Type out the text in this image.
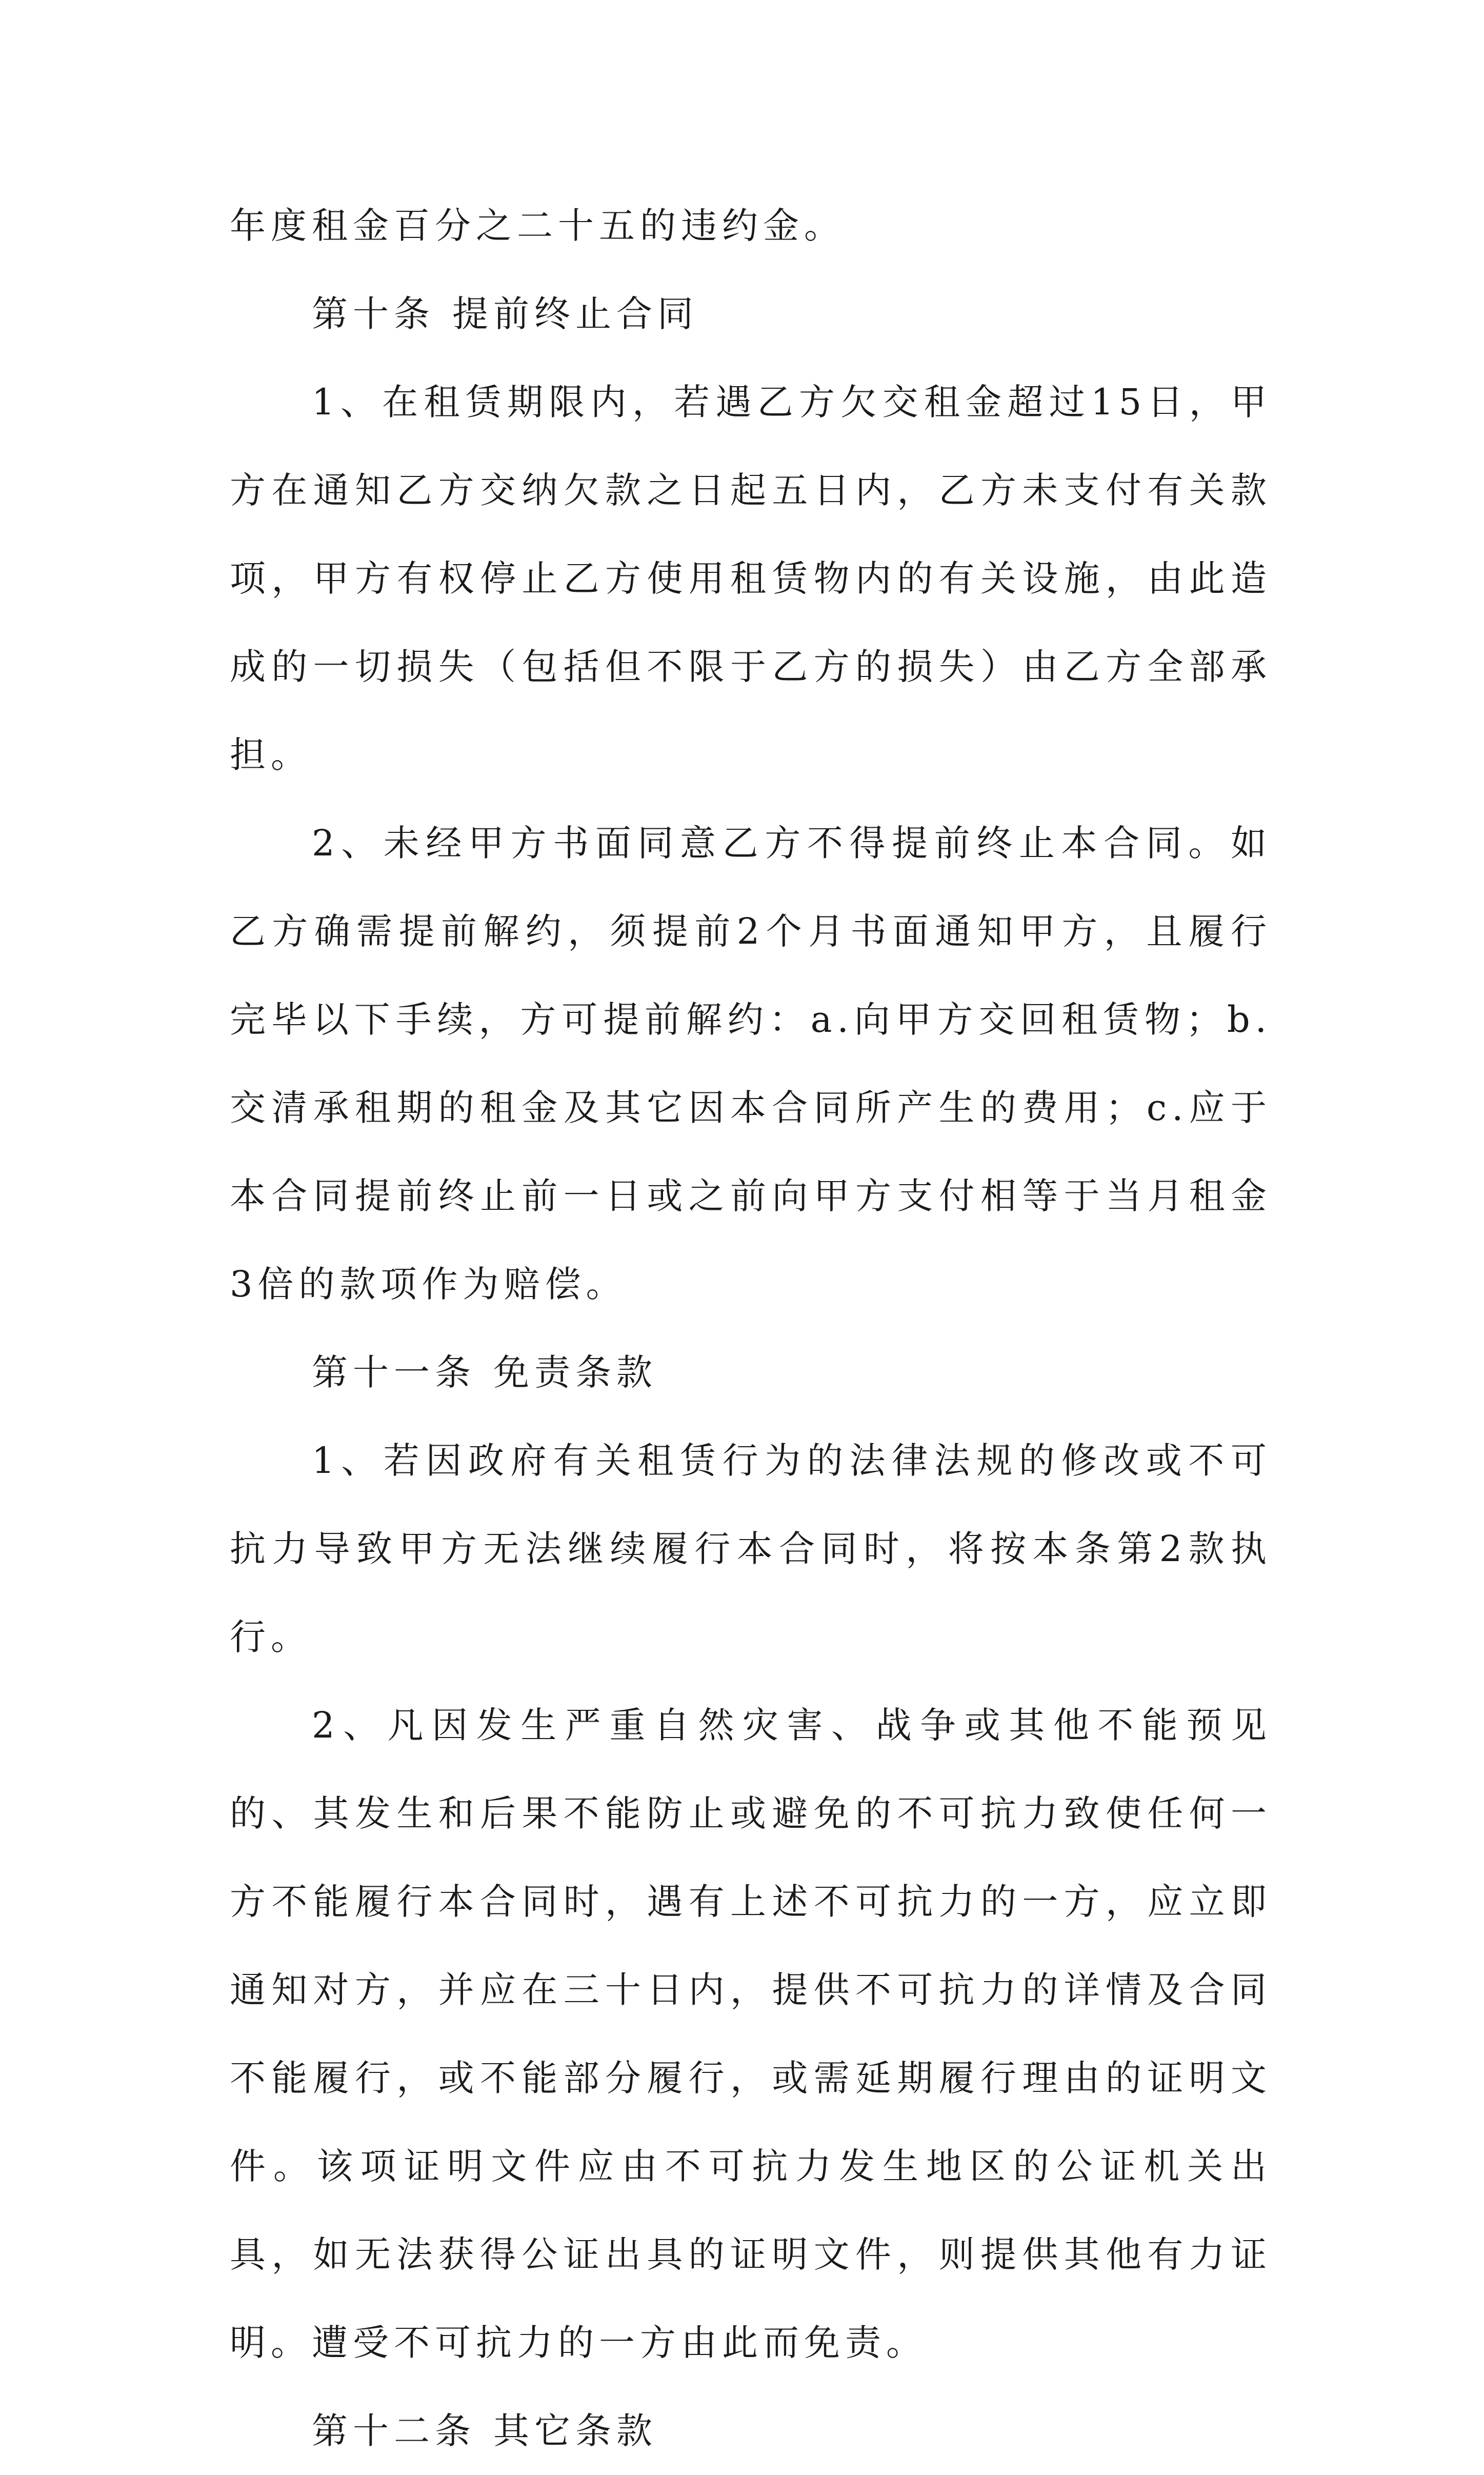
年度租金百分之二十五的违约金。

第十条 提前终止合同

1、在租赁期限内，若遇乙方欠交租金超过15日，甲方在通知乙方交纳欠款之日起五日内，乙方未支付有关款项，甲方有权停止乙方使用租赁物内的有关设施，由此造成的一切损失（包括但不限于乙方的损失）由乙方全部承担。

2、未经甲方书面同意乙方不得提前终止本合同。如乙方确需提前解约，须提前2个月书面通知甲方，且履行完毕以下手续，方可提前解约：a.向甲方交回租赁物；b.交清承租期的租金及其它因本合同所产生的费用；c.应于本合同提前终止前一日或之前向甲方支付相等于当月租金3倍的款项作为赔偿。

第十一条 免责条款

1、若因政府有关租赁行为的法律法规的修改或不可抗力导致甲方无法继续履行本合同时，将按本条第2款执行。

2、凡因发生严重自然灾害、战争或其他不能预见的、其发生和后果不能防止或避免的不可抗力致使任何一方不能履行本合同时，遇有上述不可抗力的一方，应立即通知对方，并应在三十日内，提供不可抗力的详情及合同不能履行，或不能部分履行，或需延期履行理由的证明文件。该项证明文件应由不可抗力发生地区的公证机关出具，如无法获得公证出具的证明文件，则提供其他有力证明。遭受不可抗力的一方由此而免责。

第十二条 其它条款
